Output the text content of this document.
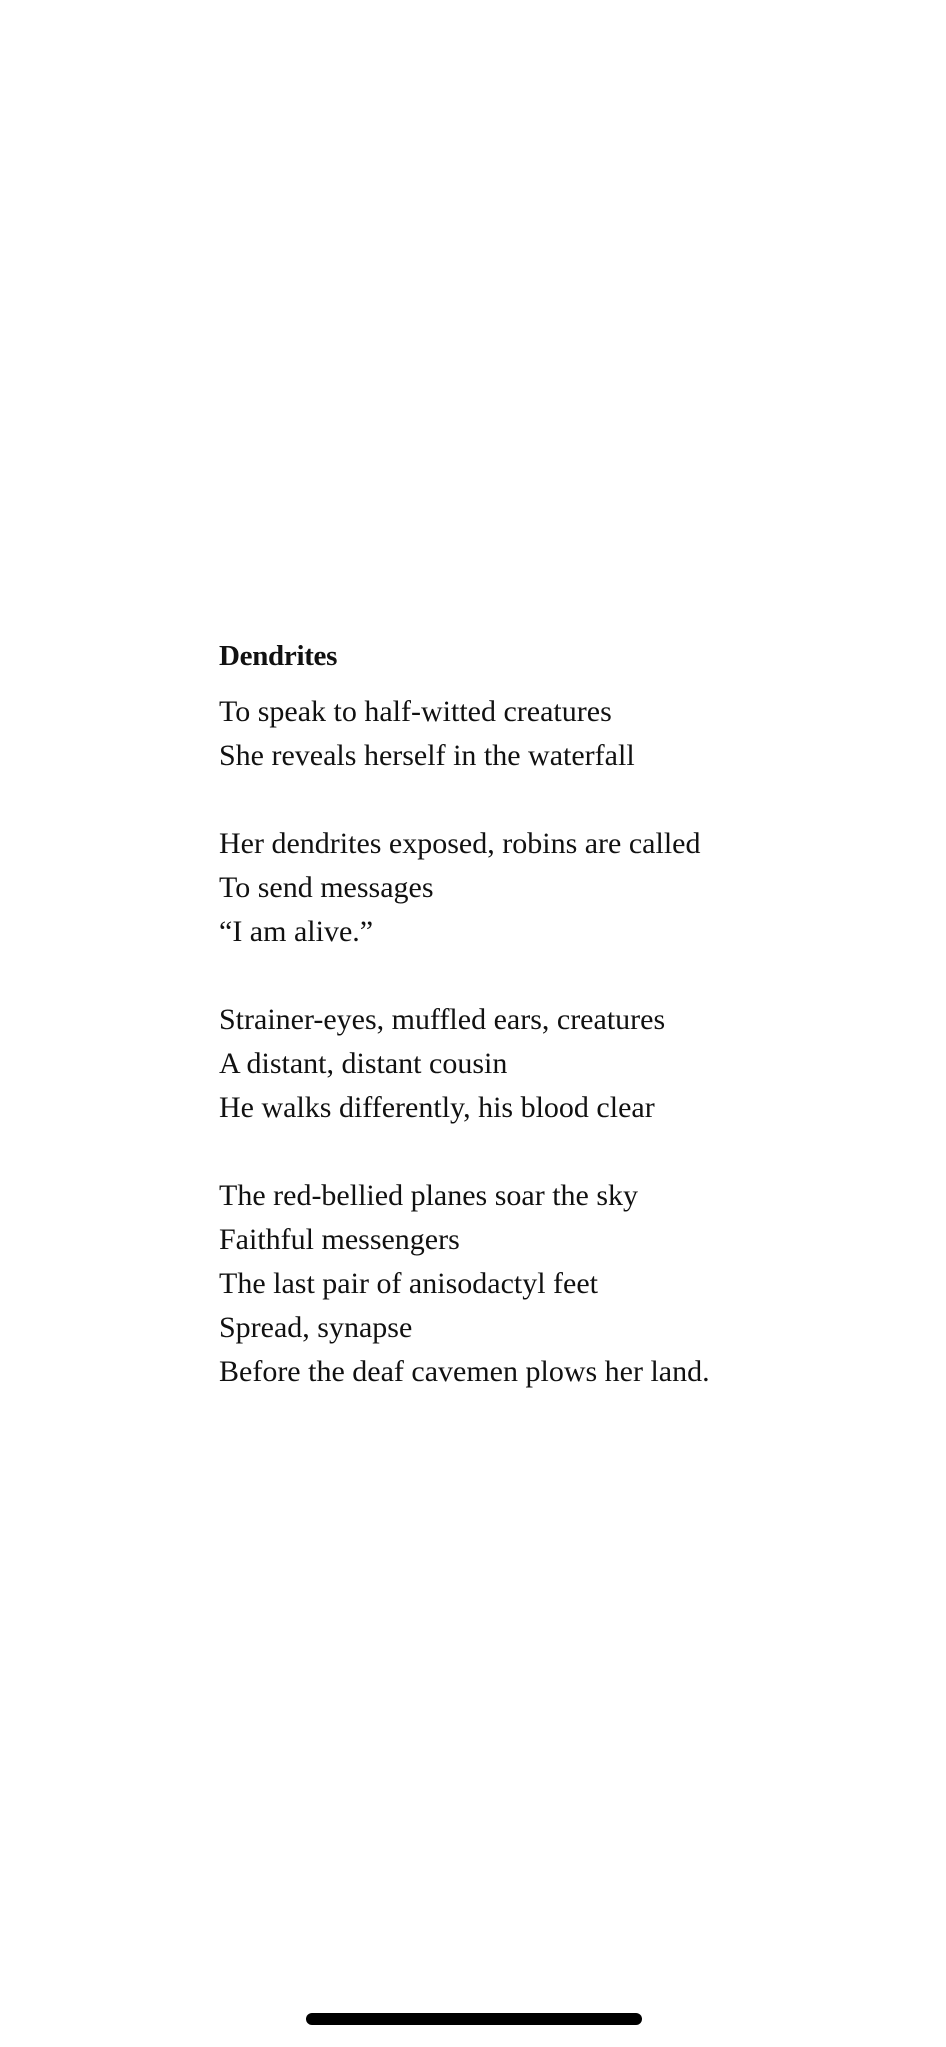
Dendrites
To speak to half-witted creatures
She reveals herself in the waterfall
Her dendrites exposed, robins are called
To send messages
“I am alive.”
Strainer-eyes, muffled ears, creatures
A distant, distant cousin
He walks differently, his blood clear
The red-bellied planes soar the sky
Faithful messengers
The last pair of anisodactyl feet
Spread, synapse
Before the deaf cavemen plows her land.
